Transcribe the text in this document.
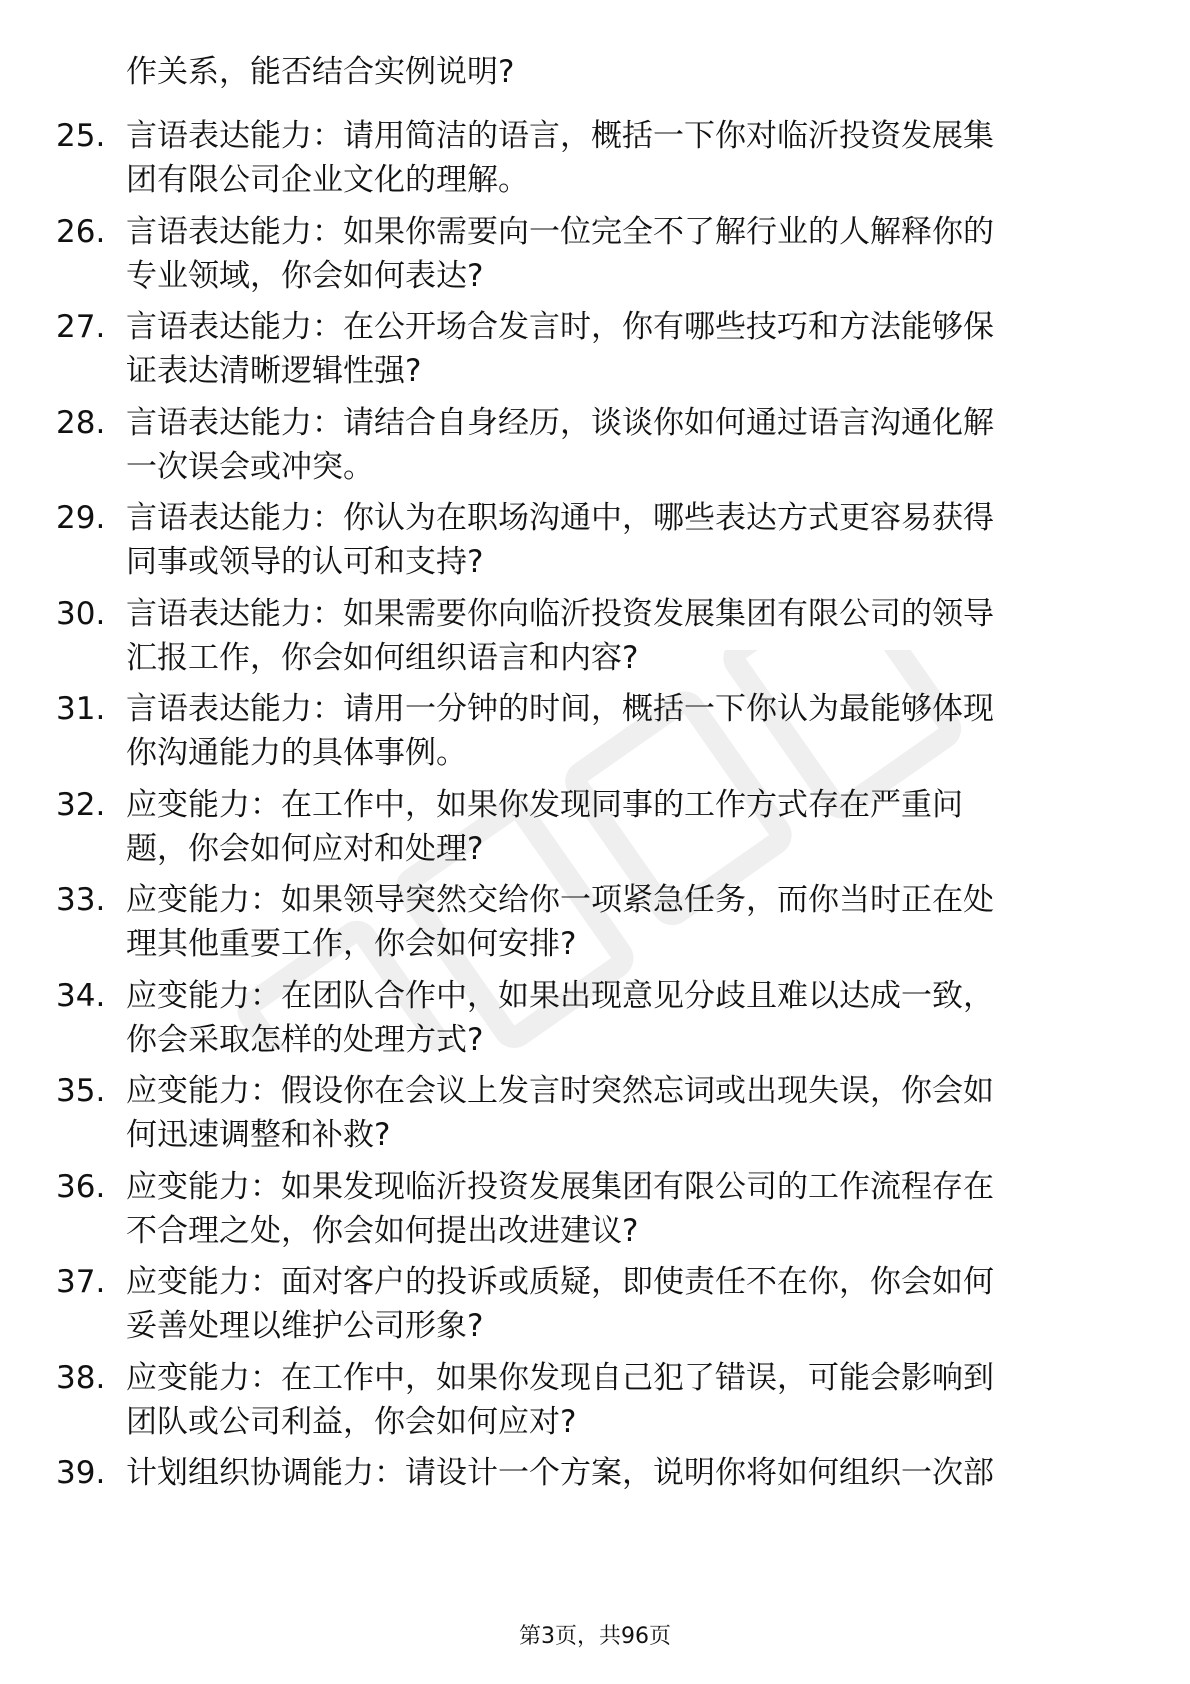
作关系，能否结合实例说明?
25. 言语表达能力：请用简洁的语言，概括一下你对临沂投资发展集
团有限公司企业文化的理解。
26. 言语表达能力：如果你需要向一位完全不了解行业的人解释你的
专业领域，你会如何表达?
27. 言语表达能力：在公开场合发言时，你有哪些技巧和方法能够保
证表达清晰逻辑性强?
28. 言语表达能力：请结合自身经历，谈谈你如何通过语言沟通化解
一次误会或冲突。
29. 言语表达能力：你认为在职场沟通中，哪些表达方式更容易获得
同事或领导的认可和支持?
30. 言语表达能力：如果需要你向临沂投资发展集团有限公司的领导
汇报工作，你会如何组织语言和内容?
31. 言语表达能力：请用一分钟的时间，概括一下你认为最能够体现
你沟通能力的具体事例。
32. 应变能力：在工作中，如果你发现同事的工作方式存在严重问
题，你会如何应对和处理?
33. 应变能力：如果领导突然交给你一项紧急任务，而你当时正在处
理其他重要工作，你会如何安排?
34. 应变能力：在团队合作中，如果出现意见分歧且难以达成一致，
你会采取怎样的处理方式?
35. 应变能力：假设你在会议上发言时突然忘词或出现失误，你会如
何迅速调整和补救?
36. 应变能力：如果发现临沂投资发展集团有限公司的工作流程存在
不合理之处，你会如何提出改进建议?
37. 应变能力：面对客户的投诉或质疑，即使责任不在你，你会如何
妥善处理以维护公司形象?
38. 应变能力：在工作中，如果你发现自己犯了错误，可能会影响到
团队或公司利益，你会如何应对?
39. 计划组织协调能力：请设计一个方案，说明你将如何组织一次部
第3页，共96页
